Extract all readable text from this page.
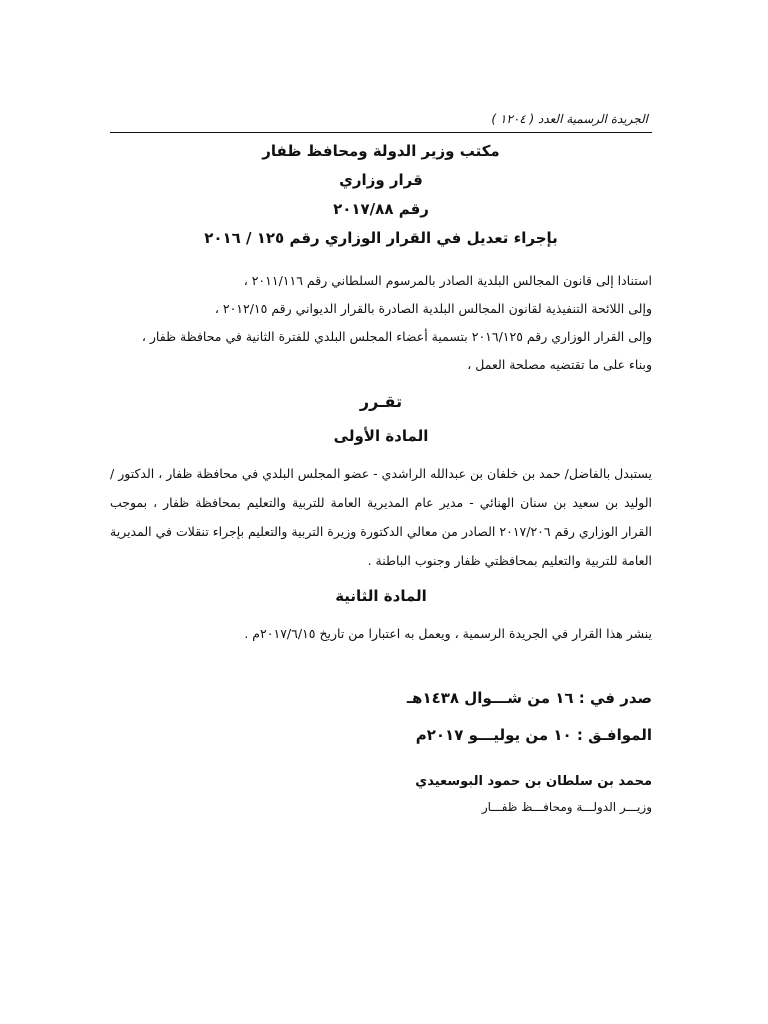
الجريدة الرسمية العدد ( ١٢٠٤ )
مكتب وزير الدولة ومحافظ ظفار
قرار وزاري
رقم ٢٠١٧/٨٨
بإجراء تعديل في القرار الوزاري رقم ١٢٥ / ٢٠١٦

استنادا إلى قانون المجالس البلدية الصادر بالمرسوم السلطاني رقم ٢٠١١/١١٦ ،

وإلى اللائحة التنفيذية لقانون المجالس البلدية الصادرة بالقرار الديواني رقم ٢٠١٢/١٥ ،

وإلى القرار الوزاري رقم ٢٠١٦/١٢٥ بتسمية أعضاء المجلس البلدي للفترة الثانية في محافظة ظفار ،

وبناء على ما تقتضيه مصلحة العمل ،

تقـرر
المادة الأولى

يستبدل بالفاضل/ حمد بن خلفان بن عبدالله الراشدي - عضو المجلس البلدي في محافظة ظفار ، الدكتور / الوليد بن سعيد بن سنان الهنائي - مدير عام المديرية العامة للتربية والتعليم بمحافظة ظفار ، بموجب القرار الوزاري رقم ٢٠١٧/٢٠٦ الصادر من معالي الدكتورة وزيرة التربية والتعليم بإجراء تنقلات في المديرية العامة للتربية والتعليم بمحافظتي ظفار وجنوب الباطنة .

المادة الثانية

ينشر هذا القرار في الجريدة الرسمية ، ويعمل به اعتبارا من تاريخ ٢٠١٧/٦/١٥م .

صدر في : ١٦ من شـــوال ١٤٣٨هـ
الموافـق : ١٠ من يوليـــو ٢٠١٧م
محمد بن سلطان بن حمود البوسعيدي
وزيـــر الدولـــة ومحافـــظ ظفـــار
